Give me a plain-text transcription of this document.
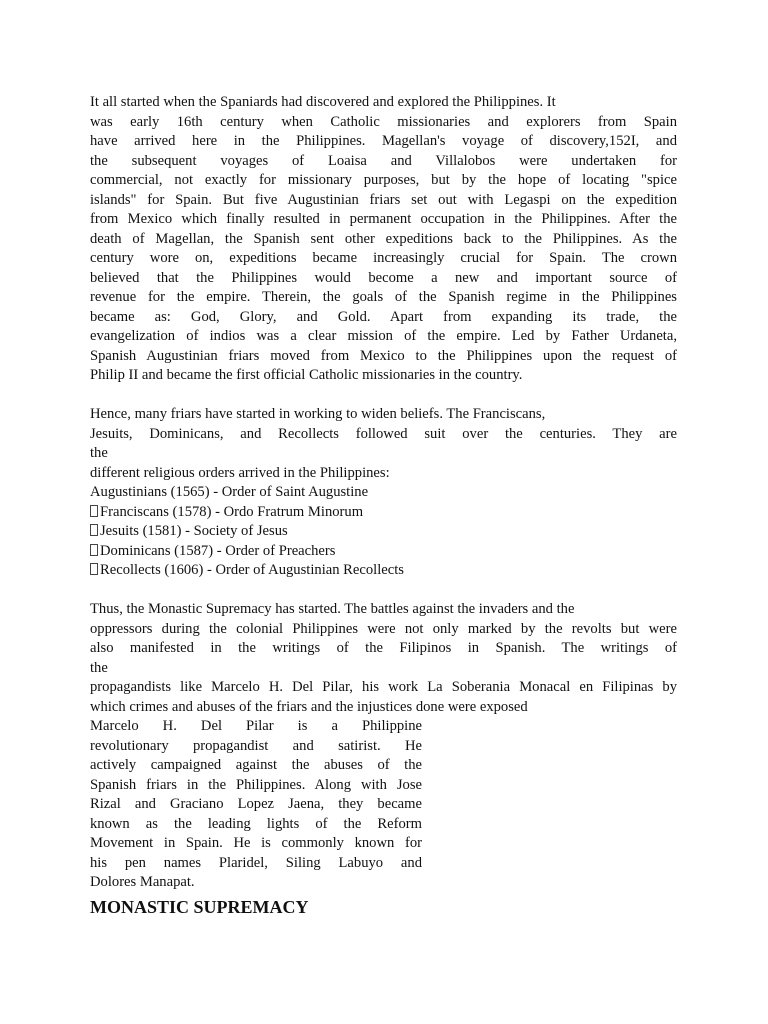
It all started when the Spaniards had discovered and explored the Philippines. It
was early 16th century when Catholic missionaries and explorers from Spain
have arrived here in the Philippines. Magellan's voyage of discovery,152I, and
the subsequent voyages of Loaisa and Villalobos were undertaken for
commercial, not exactly for missionary purposes, but by the hope of locating "spice
islands" for Spain. But five Augustinian friars set out with Legaspi on the expedition
from Mexico which finally resulted in permanent occupation in the Philippines. After the
death of Magellan, the Spanish sent other expeditions back to the Philippines. As the
century wore on, expeditions became increasingly crucial for Spain. The crown
believed that the Philippines would become a new and important source of
revenue for the empire. Therein, the goals of the Spanish regime in the Philippines
became as: God, Glory, and Gold. Apart from expanding its trade, the
evangelization of indios was a clear mission of the empire. Led by Father Urdaneta,
Spanish Augustinian friars moved from Mexico to the Philippines upon the request of
Philip II and became the first official Catholic missionaries in the country.
Hence, many friars have started in working to widen beliefs. The Franciscans,
Jesuits, Dominicans, and Recollects followed suit over the centuries. They are
the
different religious orders arrived in the Philippines:
Augustinians (1565) - Order of Saint Augustine
Franciscans (1578) - Ordo Fratrum Minorum
Jesuits (1581) - Society of Jesus
Dominicans (1587) - Order of Preachers
Recollects (1606) - Order of Augustinian Recollects
Thus, the Monastic Supremacy has started. The battles against the invaders and the
oppressors during the colonial Philippines were not only marked by the revolts but were
also manifested in the writings of the Filipinos in Spanish. The writings of
the
propagandists like Marcelo H. Del Pilar, his work La Soberania Monacal en Filipinas by
which crimes and abuses of the friars and the injustices done were exposed
Marcelo H. Del Pilar is a Philippine
revolutionary propagandist and satirist. He
actively campaigned against the abuses of the
Spanish friars in the Philippines. Along with Jose
Rizal and Graciano Lopez Jaena, they became
known as the leading lights of the Reform
Movement in Spain. He is commonly known for
his pen names Plaridel, Siling Labuyo and
Dolores Manapat.
MONASTIC SUPREMACY
